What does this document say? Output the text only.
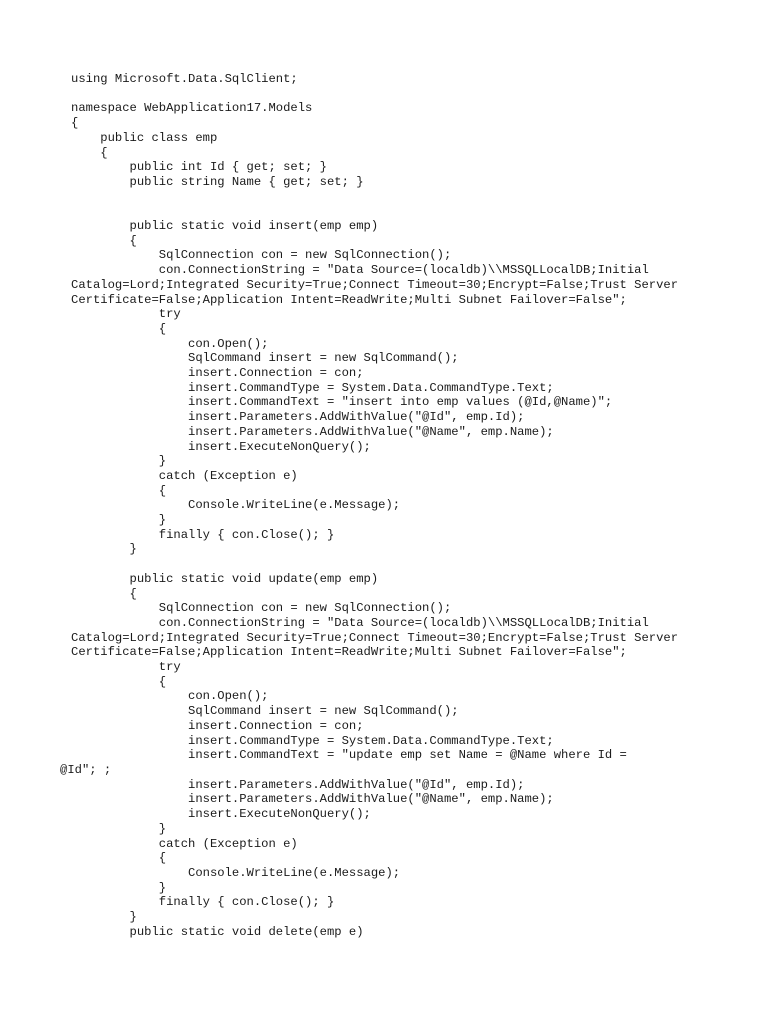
using Microsoft.Data.SqlClient;
namespace WebApplication17.Models
{
public class emp
{
public int Id { get; set; }
public string Name { get; set; }
public static void insert(emp emp)
{
SqlConnection con = new SqlConnection();
con.ConnectionString = "Data Source=(localdb)\\MSSQLLocalDB;Initial
Catalog=Lord;Integrated Security=True;Connect Timeout=30;Encrypt=False;Trust Server
Certificate=False;Application Intent=ReadWrite;Multi Subnet Failover=False";
try
{
con.Open();
SqlCommand insert = new SqlCommand();
insert.Connection = con;
insert.CommandType = System.Data.CommandType.Text;
insert.CommandText = "insert into emp values (@Id,@Name)";
insert.Parameters.AddWithValue("@Id", emp.Id);
insert.Parameters.AddWithValue("@Name", emp.Name);
insert.ExecuteNonQuery();
}
catch (Exception e)
{
Console.WriteLine(e.Message);
}
finally { con.Close(); }
}
public static void update(emp emp)
{
SqlConnection con = new SqlConnection();
con.ConnectionString = "Data Source=(localdb)\\MSSQLLocalDB;Initial
Catalog=Lord;Integrated Security=True;Connect Timeout=30;Encrypt=False;Trust Server
Certificate=False;Application Intent=ReadWrite;Multi Subnet Failover=False";
try
{
con.Open();
SqlCommand insert = new SqlCommand();
insert.Connection = con;
insert.CommandType = System.Data.CommandType.Text;
insert.CommandText = "update emp set Name = @Name where Id =
@Id"; ;
insert.Parameters.AddWithValue("@Id", emp.Id);
insert.Parameters.AddWithValue("@Name", emp.Name);
insert.ExecuteNonQuery();
}
catch (Exception e)
{
Console.WriteLine(e.Message);
}
finally { con.Close(); }
}
public static void delete(emp e)
